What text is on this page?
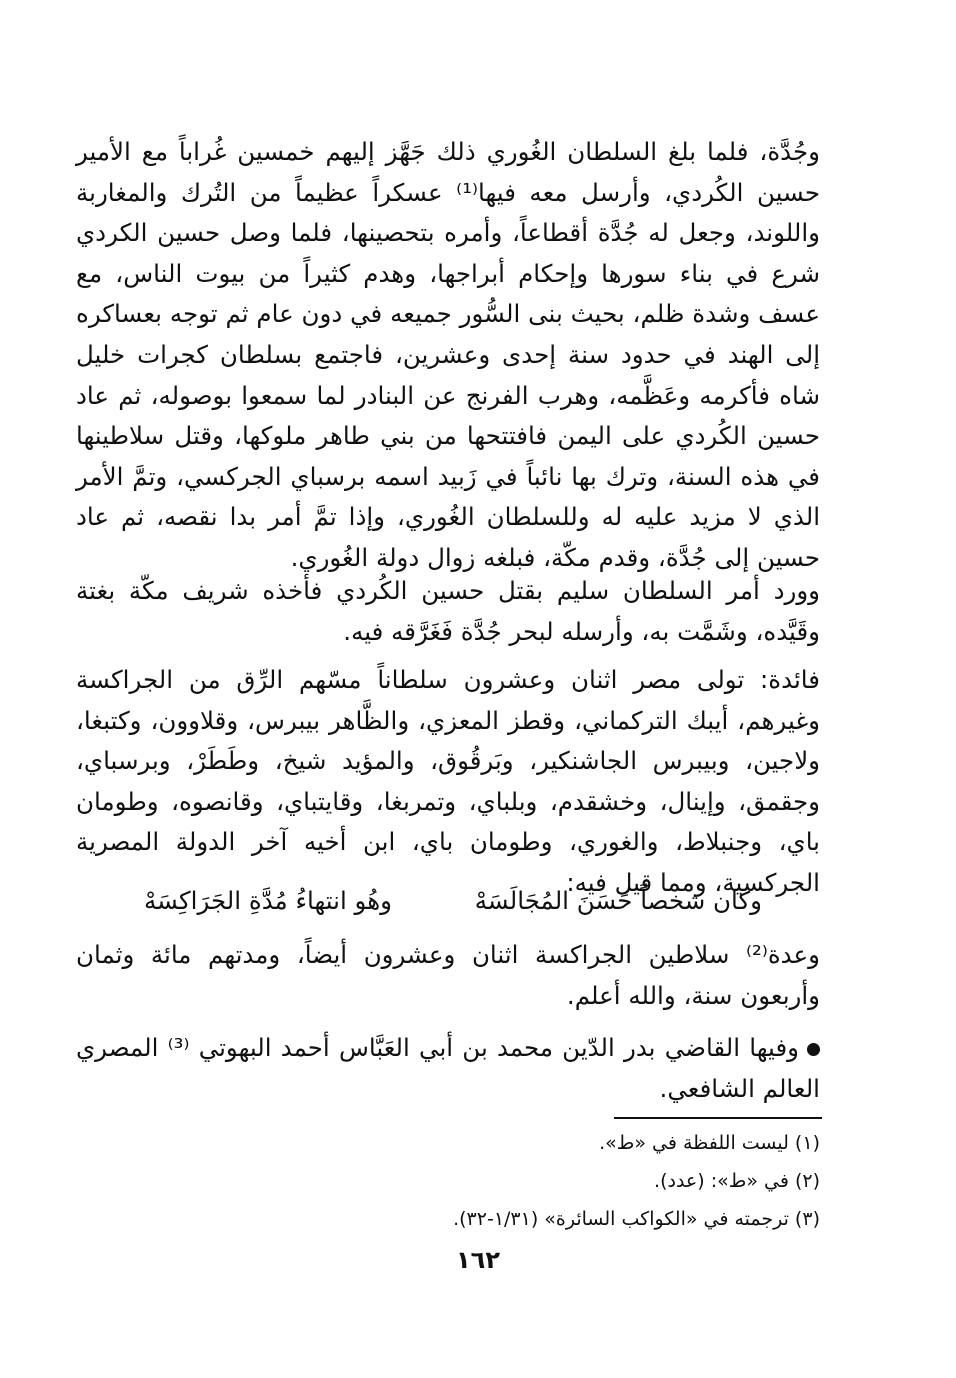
وجُدَّة، فلما بلغ السلطان الغُوري ذلك جَهَّز إليهم خمسين غُراباً مع الأمير حسين الكُردي، وأرسل معه فيها⁽¹⁾ عسكراً عظيماً من التُرك والمغاربة واللوند، وجعل له جُدَّة أقطاعاً، وأمره بتحصينها، فلما وصل حسين الكردي شرع في بناء سورها وإحكام أبراجها، وهدم كثيراً من بيوت الناس، مع عسف وشدة ظلم، بحيث بنى السُّور جميعه في دون عام ثم توجه بعساكره إلى الهند في حدود سنة إحدى وعشرين، فاجتمع بسلطان كجرات خليل شاه فأكرمه وعَظَّمه، وهرب الفرنج عن البنادر لما سمعوا بوصوله، ثم عاد حسين الكُردي على اليمن فافتتحها من بني طاهر ملوكها، وقتل سلاطينها في هذه السنة، وترك بها نائباً في زَبيد اسمه برسباي الجركسي، وتمَّ الأمر الذي لا مزيد عليه له وللسلطان الغُوري، وإذا تمَّ أمر بدا نقصه، ثم عاد حسين إلى جُدَّة، وقدم مكّة، فبلغه زوال دولة الغُوري.

وورد أمر السلطان سليم بقتل حسين الكُردي فأخذه شريف مكّة بغتة وقَيَّده، وشَمَّت به، وأرسله لبحر جُدَّة فَغَرَّقه فيه.

فائدة: تولى مصر اثنان وعشرون سلطاناً مسّهم الرِّق من الجراكسة وغيرهم، أيبك التركماني، وقطز المعزي، والظَّاهر بيبرس، وقلاوون، وكتبغا، ولاجين، وبيبرس الجاشنكير، وبَرقُوق، والمؤيد شيخ، وطَطَرْ، وبرسباي، وجقمق، وإينال، وخشقدم، وبلباي، وتمربغا، وقايتباي، وقانصوه، وطومان باي، وجنبلاط، والغوري، وطومان باي، ابن أخيه آخر الدولة المصرية الجركسية، ومما قيل فيه:

وكان شخصاً حَسَنَ المُجَالَسَهْ
وهُو انتهاءُ مُدَّةِ الجَرَاكِسَهْ

وعدة⁽²⁾ سلاطين الجراكسة اثنان وعشرون أيضاً، ومدتهم مائة وثمان وأربعون سنة، والله أعلم.

وفيها القاضي بدر الدّين محمد بن أبي العَبَّاس أحمد البهوتي ⁽³⁾ المصري العالم الشافعي.

(١) ليست اللفظة في «ط».
(٢) في «ط»: (عدد).
(٣) ترجمته في «الكواكب السائرة» (١/٣١-٣٢).
١٦٢
